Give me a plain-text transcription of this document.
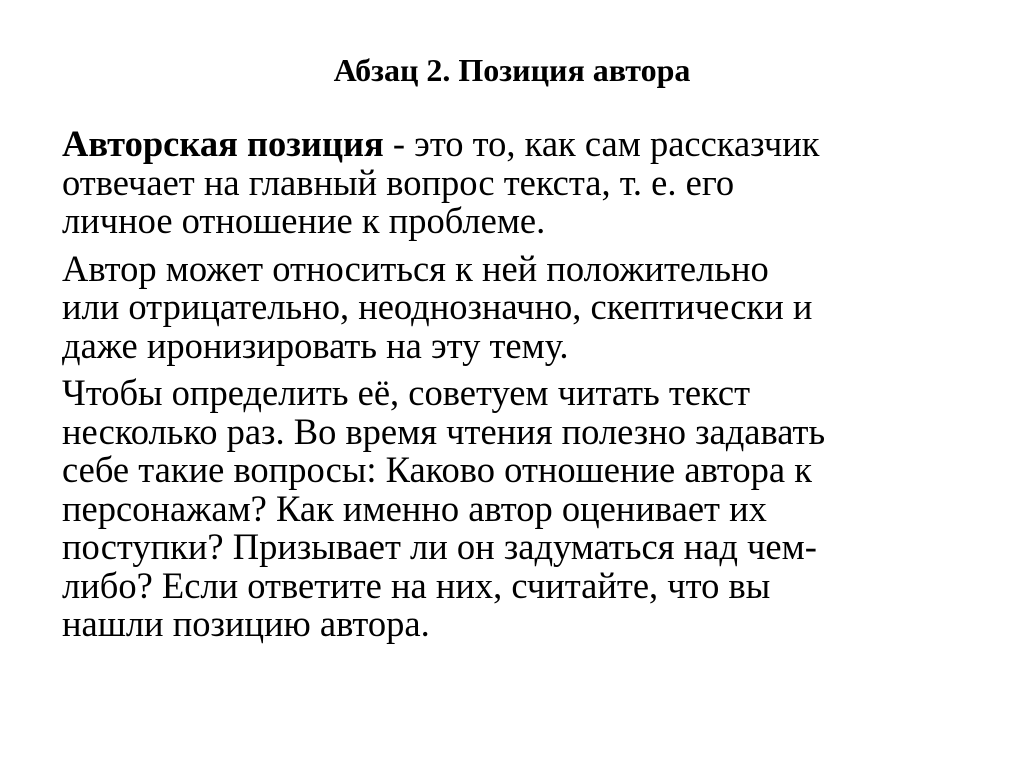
Абзац 2. Позиция автора
Авторская позиция - это то, как сам рассказчик
отвечает на главный вопрос текста, т. е. его
личное отношение к проблеме.
Автор может относиться к ней положительно
или отрицательно, неоднозначно, скептически и
даже иронизировать на эту тему.
Чтобы определить её, советуем читать текст
несколько раз. Во время чтения полезно задавать
себе такие вопросы: Каково отношение автора к
персонажам? Как именно автор оценивает их
поступки? Призывает ли он задуматься над чем-
либо? Если ответите на них, считайте, что вы
нашли позицию автора.
